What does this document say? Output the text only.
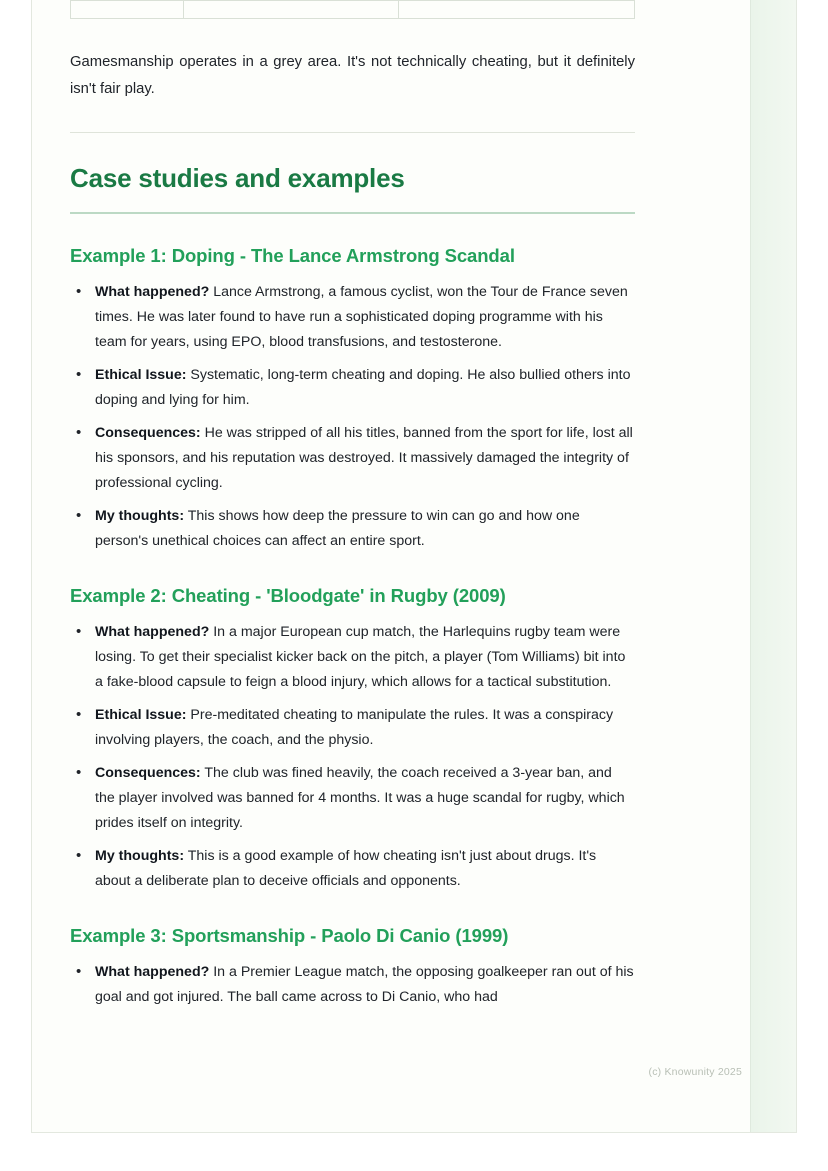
Gamesmanship operates in a grey area. It's not technically cheating, but it definitely isn't fair play.

Case studies and examples
Example 1: Doping - The Lance Armstrong Scandal
• What happened? Lance Armstrong, a famous cyclist, won the Tour de France seven times. He was later found to have run a sophisticated doping programme with his team for years, using EPO, blood transfusions, and testosterone.
• Ethical Issue: Systematic, long-term cheating and doping. He also bullied others into doping and lying for him.
• Consequences: He was stripped of all his titles, banned from the sport for life, lost all his sponsors, and his reputation was destroyed. It massively damaged the integrity of professional cycling.
• My thoughts: This shows how deep the pressure to win can go and how one person's unethical choices can affect an entire sport.
Example 2: Cheating - 'Bloodgate' in Rugby (2009)
• What happened? In a major European cup match, the Harlequins rugby team were losing. To get their specialist kicker back on the pitch, a player (Tom Williams) bit into a fake-blood capsule to feign a blood injury, which allows for a tactical substitution.
• Ethical Issue: Pre-meditated cheating to manipulate the rules. It was a conspiracy involving players, the coach, and the physio.
• Consequences: The club was fined heavily, the coach received a 3-year ban, and the player involved was banned for 4 months. It was a huge scandal for rugby, which prides itself on integrity.
• My thoughts: This is a good example of how cheating isn't just about drugs. It's about a deliberate plan to deceive officials and opponents.
Example 3: Sportsmanship - Paolo Di Canio (1999)
• What happened? In a Premier League match, the opposing goalkeeper ran out of his goal and got injured. The ball came across to Di Canio, who had
(c) Knowunity 2025
